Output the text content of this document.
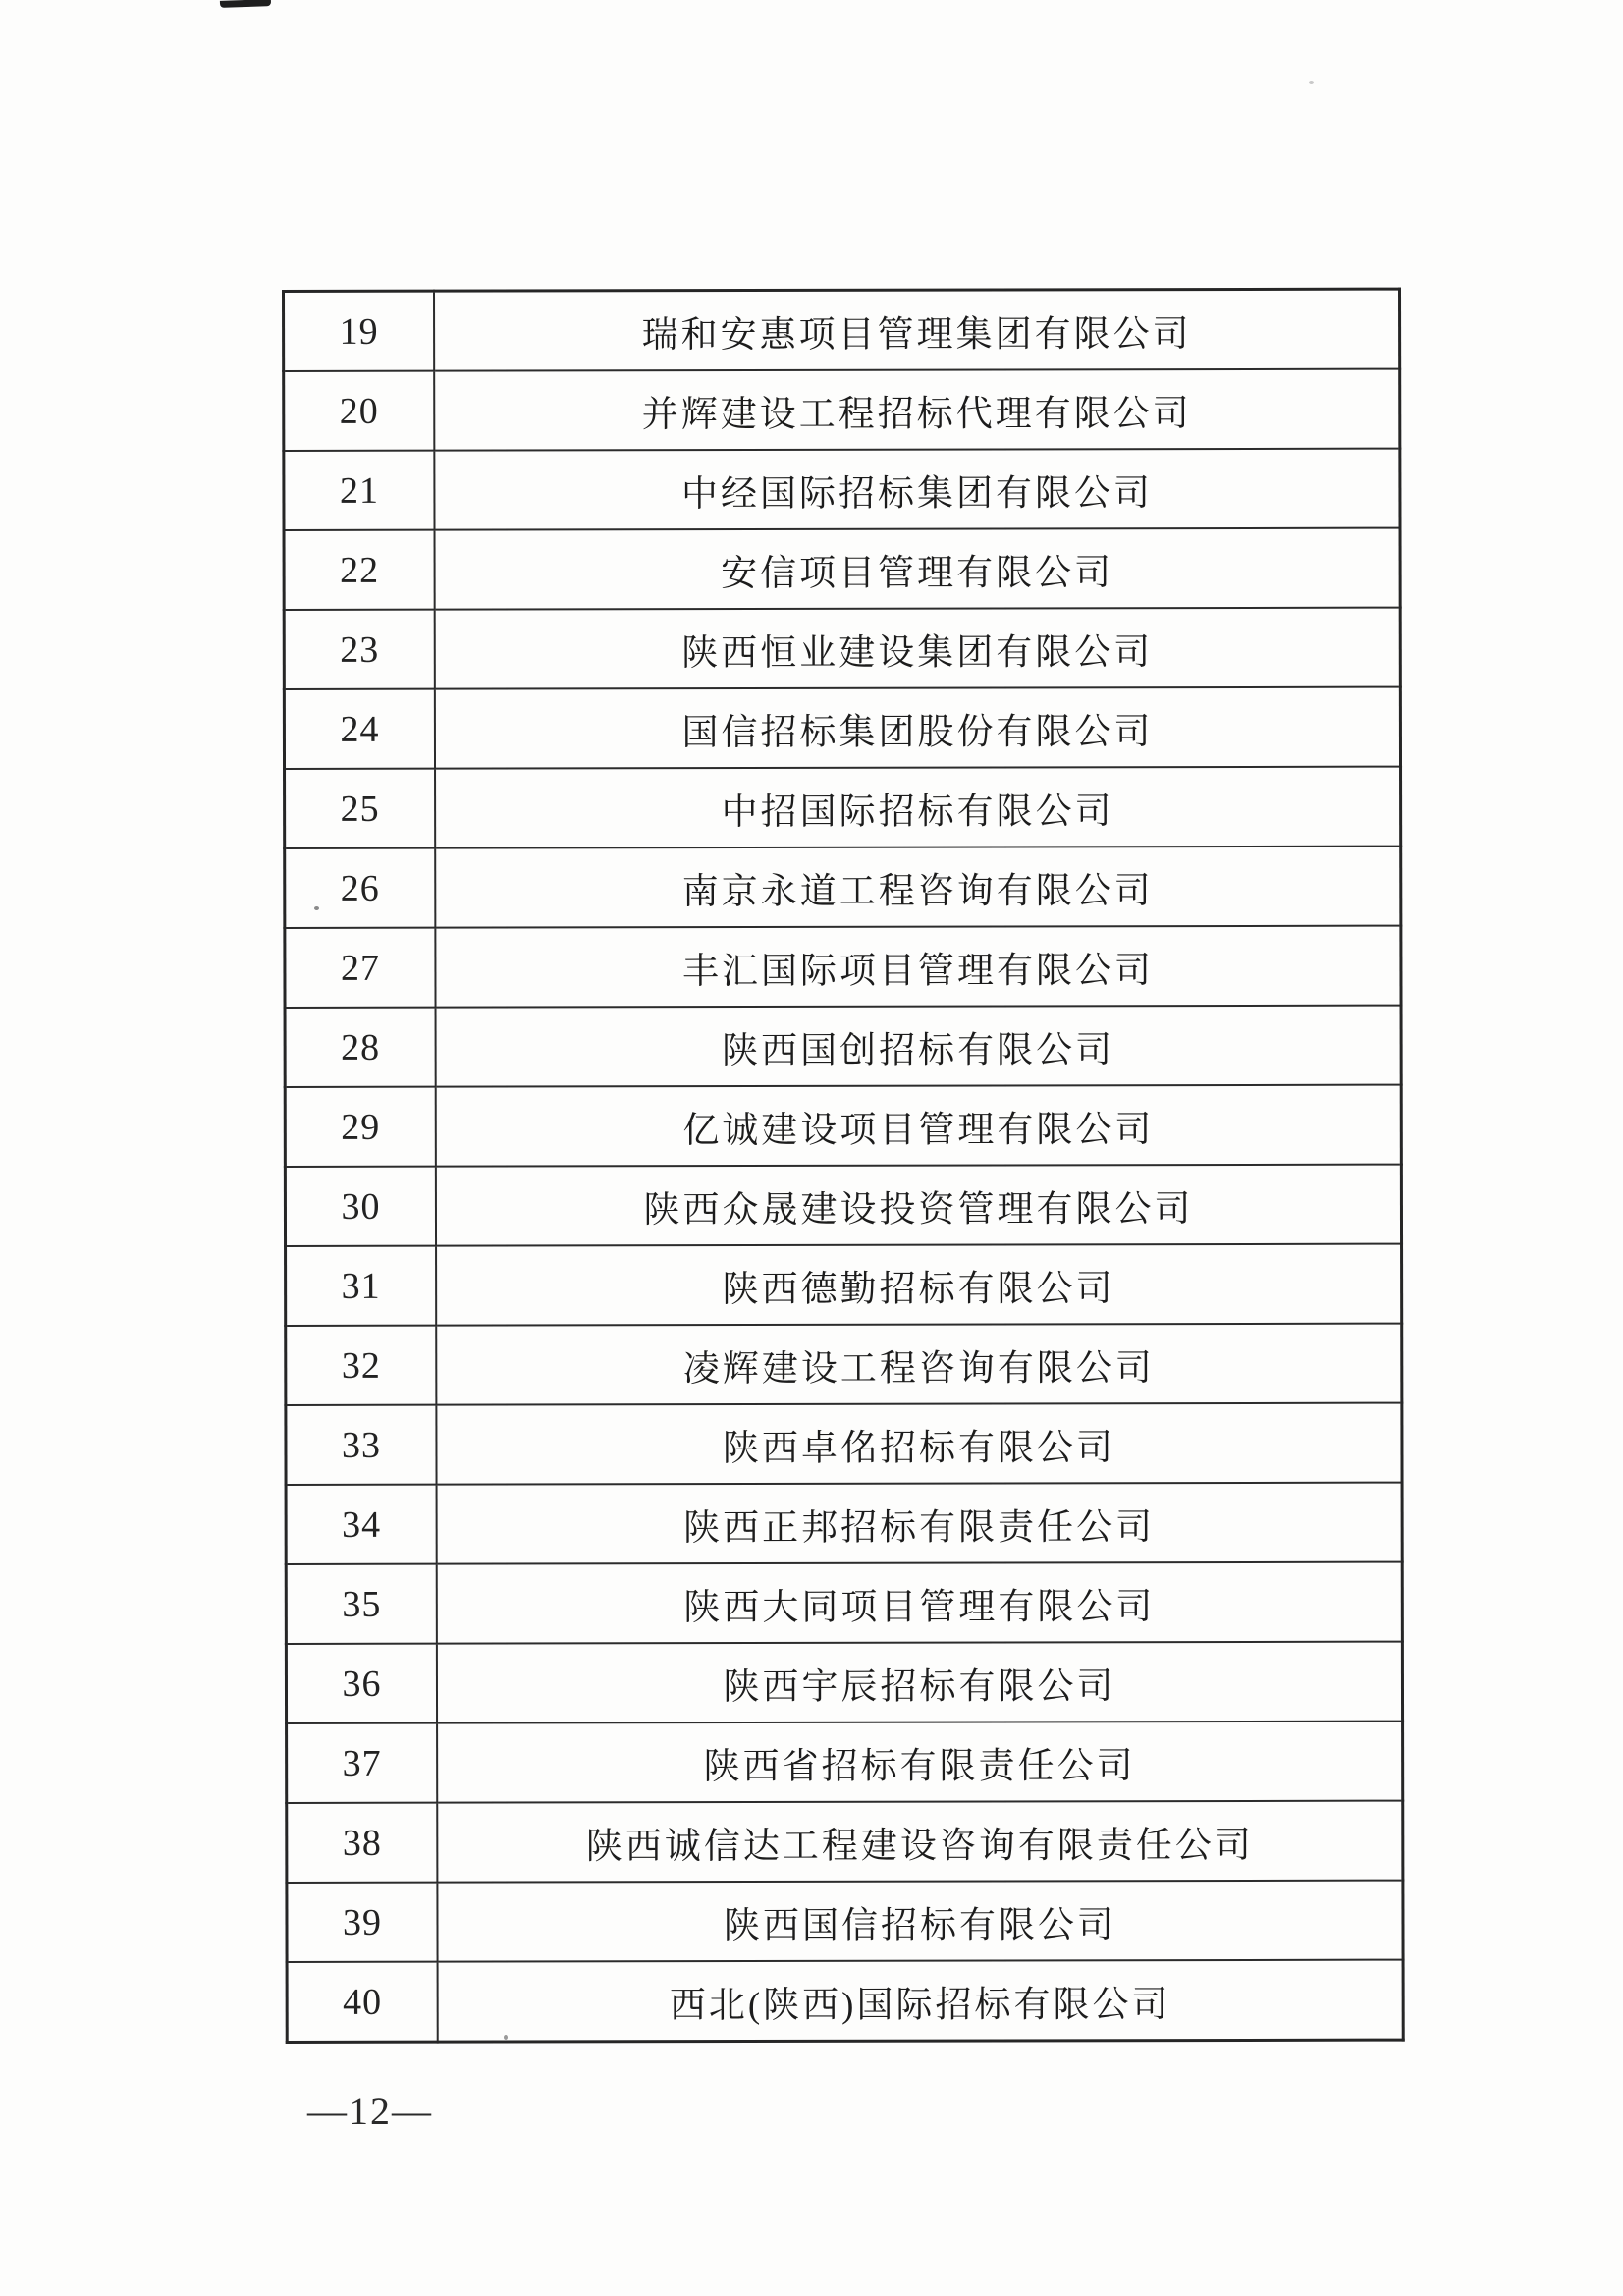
19	瑞和安惠项目管理集团有限公司
20	并辉建设工程招标代理有限公司
21	中经国际招标集团有限公司
22	安信项目管理有限公司
23	陕西恒业建设集团有限公司
24	国信招标集团股份有限公司
25	中招国际招标有限公司
26	南京永道工程咨询有限公司
27	丰汇国际项目管理有限公司
28	陕西国创招标有限公司
29	亿诚建设项目管理有限公司
30	陕西众晟建设投资管理有限公司
31	陕西德勤招标有限公司
32	凌辉建设工程咨询有限公司
33	陕西卓佲招标有限公司
34	陕西正邦招标有限责任公司
35	陕西大同项目管理有限公司
36	陕西宇辰招标有限公司
37	陕西省招标有限责任公司
38	陕西诚信达工程建设咨询有限责任公司
39	陕西国信招标有限公司
40	西北(陕西)国际招标有限公司
—12—
